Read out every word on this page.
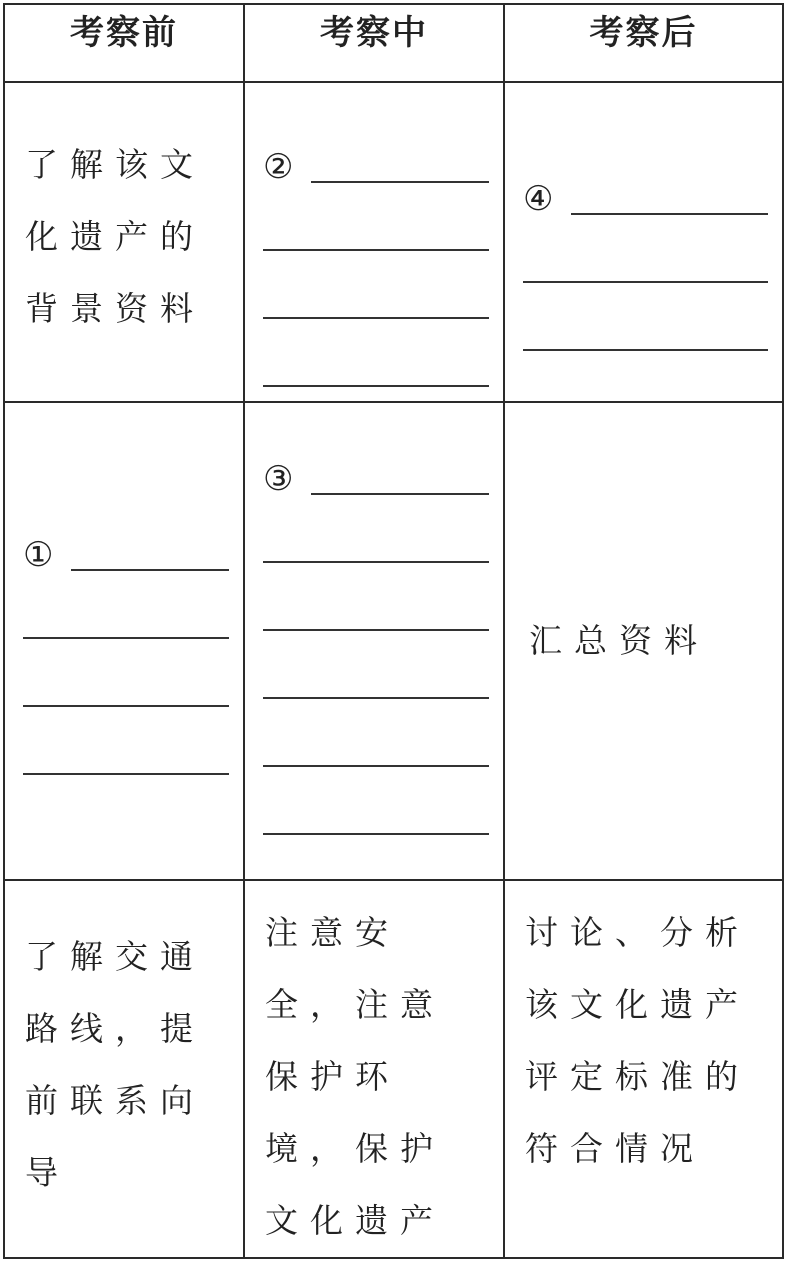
考察前	考察中	考察后

了解该文化遗产的背景资料	②	④

①	③	汇总资料

了解交通路线，提前联系向导	注意安全，注意保护环境，保护文化遗产	讨论、分析该文化遗产评定标准的符合情况
